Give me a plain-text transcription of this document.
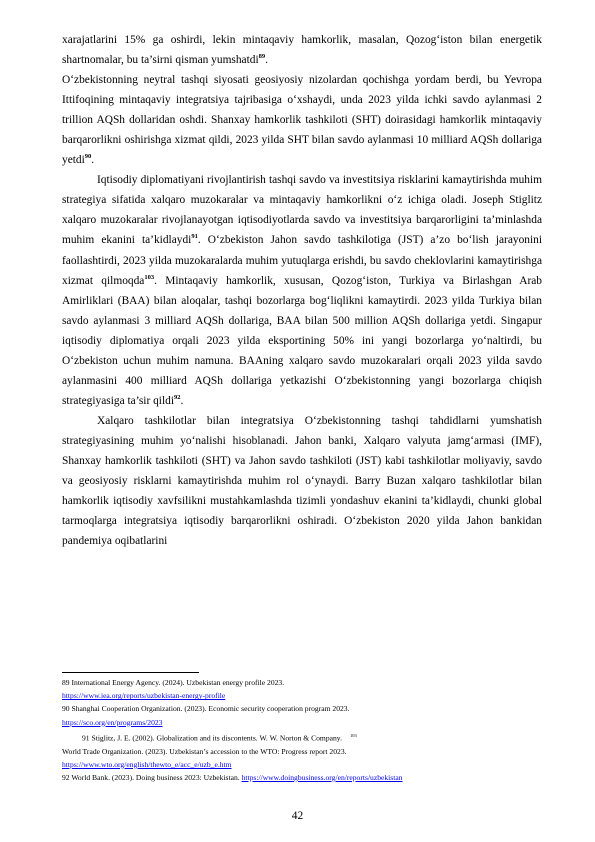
xarajatlarini 15% ga oshirdi, lekin mintaqaviy hamkorlik, masalan, Qozog‘iston bilan energetik shartnomalar, bu ta’sirni qisman yumshatdi$^{89}$.

O‘zbekistonning neytral tashqi siyosati geosiyosiy nizolardan qochishga yordam berdi, bu Yevropa Ittifoqining mintaqaviy integratsiya tajribasiga o‘xshaydi, unda 2023 yilda ichki savdo aylanmasi 2 trillion AQSh dollaridan oshdi. Shanxay hamkorlik tashkiloti (SHT) doirasidagi hamkorlik mintaqaviy barqarorlikni oshirishga xizmat qildi, 2023 yilda SHT bilan savdo aylanmasi 10 milliard AQSh dollariga yetdi$^{90}$.

Iqtisodiy diplomatiyani rivojlantirish tashqi savdo va investitsiya risklarini kamaytirishda muhim strategiya sifatida xalqaro muzokaralar va mintaqaviy hamkorlikni o‘z ichiga oladi. Joseph Stiglitz xalqaro muzokaralar rivojlanayotgan iqtisodiyotlarda savdo va investitsiya barqarorligini ta’minlashda muhim ekanini ta’kidlaydi$^{91}$. O‘zbekiston Jahon savdo tashkilotiga (JST) a’zo bo‘lish jarayonini faollashtirdi, 2023 yilda muzokaralarda muhim yutuqlarga erishdi, bu savdo cheklovlarini kamaytirishga xizmat qilmoqda$^{103}$. Mintaqaviy hamkorlik, xususan, Qozog‘iston, Turkiya va Birlashgan Arab Amirliklari (BAA) bilan aloqalar, tashqi bozorlarga bog‘liqlikni kamaytirdi. 2023 yilda Turkiya bilan savdo aylanmasi 3 milliard AQSh dollariga, BAA bilan 500 million AQSh dollariga yetdi. Singapur iqtisodiy diplomatiya orqali 2023 yilda eksportining 50% ini yangi bozorlarga yo‘naltirdi, bu O‘zbekiston uchun muhim namuna. BAAning xalqaro savdo muzokaralari orqali 2023 yilda savdo aylanmasini 400 milliard AQSh dollariga yetkazishi O‘zbekistonning yangi bozorlarga chiqish strategiyasiga ta’sir qildi$^{92}$.

Xalqaro tashkilotlar bilan integratsiya O‘zbekistonning tashqi tahdidlarni yumshatish strategiyasining muhim yo‘nalishi hisoblanadi. Jahon banki, Xalqaro valyuta jamg‘armasi (IMF), Shanxay hamkorlik tashkiloti (SHT) va Jahon savdo tashkiloti (JST) kabi tashkilotlar moliyaviy, savdo va geosiyosiy risklarni kamaytirishda muhim rol o‘ynaydi. Barry Buzan xalqaro tashkilotlar bilan hamkorlik iqtisodiy xavfsilikni mustahkamlashda tizimli yondashuv ekanini ta’kidlaydi, chunki global tarmoqlarga integratsiya iqtisodiy barqarorlikni oshiradi. O‘zbekiston 2020 yilda Jahon bankidan pandemiya oqibatlarini

89 International Energy Agency. (2024). Uzbekistan energy profile 2023.

https://www.iea.org/reports/uzbekistan-energy-profile

90 Shanghai Cooperation Organization. (2023). Economic security cooperation program 2023.

https://sco.org/en/programs/2023

91 Stiglitz, J. E. (2002). Globalization and its discontents. W. W. Norton & Company. $^{103}$

World Trade Organization. (2023). Uzbekistan’s accession to the WTO: Progress report 2023.

https://www.wto.org/english/thewto_e/acc_e/uzb_e.htm

92 World Bank. (2023). Doing business 2023: Uzbekistan. https://www.doingbusiness.org/en/reports/uzbekistan

42
